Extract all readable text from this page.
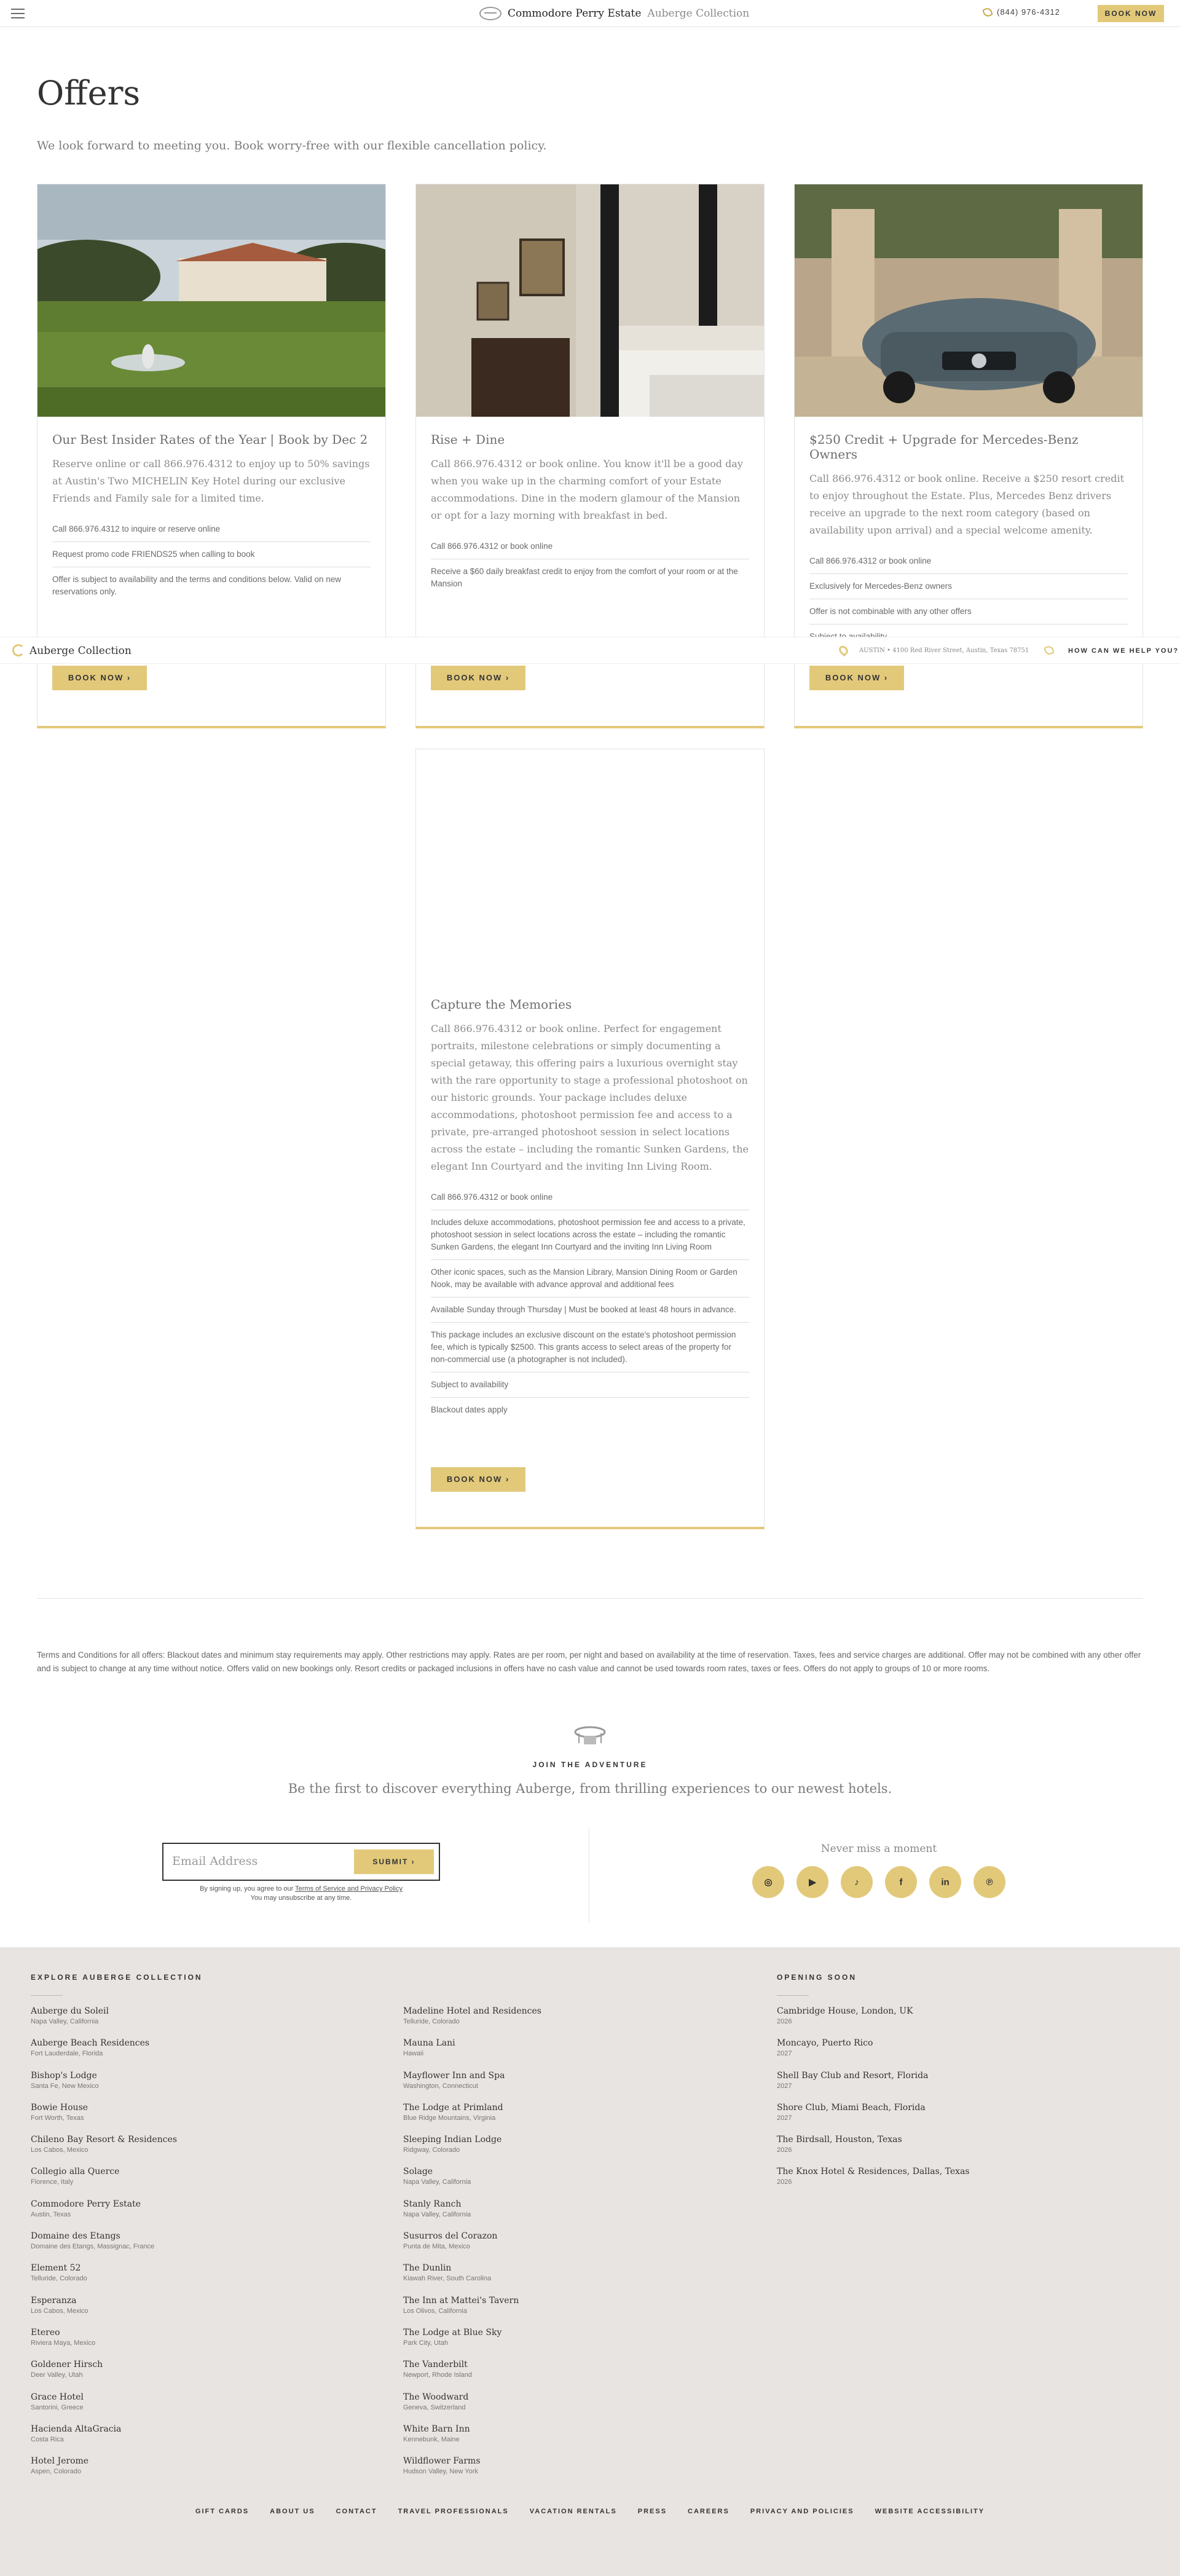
Commodore Perry Estate Auberge Collection	(844) 976-4312	BOOK NOW
Offers

We look forward to meeting you. Book worry-free with our flexible cancellation policy.

Our Best Insider Rates of the Year | Book by Dec 2
Reserve online or call 866.976.4312 to enjoy up to 50% savings at Austin's Two MICHELIN Key Hotel during our exclusive Friends and Family sale for a limited time.
Call 866.976.4312 to inquire or reserve online
Request promo code FRIENDS25 when calling to book
Offer is subject to availability and the terms and conditions below. Valid on new reservations only.
BOOK NOW ›
Rise + Dine
Call 866.976.4312 or book online. You know it'll be a good day when you wake up in the charming comfort of your Estate accommodations. Dine in the modern glamour of the Mansion or opt for a lazy morning with breakfast in bed.
Call 866.976.4312 or book online
Receive a $60 daily breakfast credit to enjoy from the comfort of your room or at the Mansion
BOOK NOW ›
$250 Credit + Upgrade for Mercedes-Benz Owners
Call 866.976.4312 or book online. Receive a $250 resort credit to enjoy throughout the Estate. Plus, Mercedes Benz drivers receive an upgrade to the next room category (based on availability upon arrival) and a special welcome amenity.
Call 866.976.4312 or book online
Exclusively for Mercedes-Benz owners
Offer is not combinable with any other offers
BOOK NOW ›
Capture the Memories
Call 866.976.4312 or book online. Perfect for engagement portraits, milestone celebrations or simply documenting a special getaway, this offering pairs a luxurious overnight stay with the rare opportunity to stage a professional photoshoot on our historic grounds. Your package includes deluxe accommodations, photoshoot permission fee and access to a private, pre-arranged photoshoot session in select locations across the estate – including the romantic Sunken Gardens, the elegant Inn Courtyard and the inviting Inn Living Room.
Call 866.976.4312 or book online
Includes deluxe accommodations, photoshoot permission fee and access to a private, photoshoot session in select locations across the estate – including the romantic Sunken Gardens, the elegant Inn Courtyard and the inviting Inn Living Room
Other iconic spaces, such as the Mansion Library, Mansion Dining Room or Garden Nook, may be available with advance approval and additional fees
Available Sunday through Thursday | Must be booked at least 48 hours in advance.
This package includes an exclusive discount on the estate's photoshoot permission fee, which is typically $2500. This grants access to select areas of the property for non-commercial use (a photographer is not included).
Subject to availability
Blackout dates apply
BOOK NOW ›
Auberge Collection	AUSTIN • 4100 Red River Street, Austin, Texas 78751	HOW CAN WE HELP YOU?

Terms and Conditions for all offers: Blackout dates and minimum stay requirements may apply. Other restrictions may apply. Rates are per room, per night and based on availability at the time of reservation. Taxes, fees and service charges are additional. Offer may not be combined with any other offer and is subject to change at any time without notice. Offers valid on new bookings only. Resort credits or packaged inclusions in offers have no cash value and cannot be used towards room rates, taxes or fees. Offers do not apply to groups of 10 or more rooms.

JOIN THE ADVENTURE
Be the first to discover everything Auberge, from thrilling experiences to our newest hotels.
Email Address
SUBMIT ›
By signing up, you agree to our Terms of Service and Privacy Policy
You may unsubscribe at any time.
Never miss a moment
◎	▶	♪	f	in	℗
EXPLORE AUBERGE COLLECTION	OPENING SOON
Auberge du Soleil
Napa Valley, California
Auberge Beach Residences
Fort Lauderdale, Florida
Bishop's Lodge
Santa Fe, New Mexico
Bowie House
Fort Worth, Texas
Chileno Bay Resort & Residences
Los Cabos, Mexico
Collegio alla Querce
Florence, Italy
Commodore Perry Estate
Austin, Texas
Domaine des Etangs
Domaine des Etangs, Massignac, France
Element 52
Telluride, Colorado
Esperanza
Los Cabos, Mexico
Etereo
Riviera Maya, Mexico
Goldener Hirsch
Deer Valley, Utah
Grace Hotel
Santorini, Greece
Hacienda AltaGracia
Costa Rica
Hotel Jerome
Aspen, Colorado
Madeline Hotel and Residences
Telluride, Colorado
Mauna Lani
Hawaii
Mayflower Inn and Spa
Washington, Connecticut
The Lodge at Primland
Blue Ridge Mountains, Virginia
Sleeping Indian Lodge
Ridgway, Colorado
Solage
Napa Valley, California
Stanly Ranch
Napa Valley, California
Susurros del Corazon
Punta de Mita, Mexico
The Dunlin
Kiawah River, South Carolina
The Inn at Mattei's Tavern
Los Olivos, California
The Lodge at Blue Sky
Park City, Utah
The Vanderbilt
Newport, Rhode Island
The Woodward
Geneva, Switzerland
White Barn Inn
Kennebunk, Maine
Wildflower Farms
Hudson Valley, New York
Cambridge House, London, UK
2026
Moncayo, Puerto Rico
2027
Shell Bay Club and Resort, Florida
2027
Shore Club, Miami Beach, Florida
2027
The Birdsall, Houston, Texas
2026
The Knox Hotel & Residences, Dallas, Texas
2026
GIFT CARDS	ABOUT US	CONTACT	TRAVEL PROFESSIONALS	VACATION RENTALS	PRESS	CAREERS	PRIVACY AND POLICIES	WEBSITE ACCESSIBILITY
